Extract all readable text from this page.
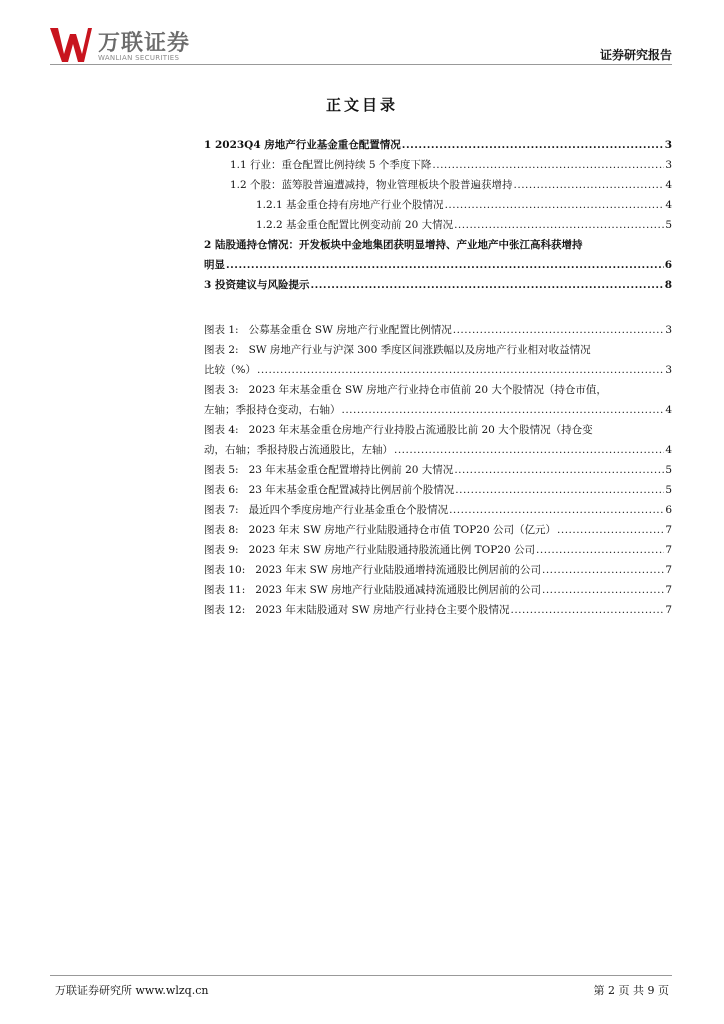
万联证券
WANLIAN SECURITIES	证券研究报告
正文目录
1 2023Q4 房地产行业基金重仓配置情况 .....	3
1.1 行业：重仓配置比例持续 5 个季度下降 .....	3
1.2 个股：蓝筹股普遍遭减持，物业管理板块个股普遍获增持 .....	4
1.2.1 基金重仓持有房地产行业个股情况 .....	4
1.2.2 基金重仓配置比例变动前 20 大情况 .....	5
2 陆股通持仓情况：开发板块中金地集团获明显增持、产业地产中张江高科获增持
明显 .....	6
3 投资建议与风险提示 .....	8
图表 1: 公募基金重仓 SW 房地产行业配置比例情况 .....	3
图表 2: SW 房地产行业与沪深 300 季度区间涨跌幅以及房地产行业相对收益情况
比较（%） .....	3
图表 3: 2023 年末基金重仓 SW 房地产行业持仓市值前 20 大个股情况（持仓市值，
左轴；季报持仓变动，右轴） .....	4
图表 4: 2023 年末基金重仓房地产行业持股占流通股比前 20 大个股情况（持仓变
动，右轴；季报持股占流通股比，左轴） .....	4
图表 5: 23 年末基金重仓配置增持比例前 20 大情况 .....	5
图表 6: 23 年末基金重仓配置减持比例居前个股情况 .....	5
图表 7: 最近四个季度房地产行业基金重仓个股情况 .....	6
图表 8: 2023 年末 SW 房地产行业陆股通持仓市值 TOP20 公司（亿元） .....	7
图表 9: 2023 年末 SW 房地产行业陆股通持股流通比例 TOP20 公司 .....	7
图表 10: 2023 年末 SW 房地产行业陆股通增持流通股比例居前的公司 .....	7
图表 11: 2023 年末 SW 房地产行业陆股通减持流通股比例居前的公司 .....	7
图表 12: 2023 年末陆股通对 SW 房地产行业持仓主要个股情况 .....	7
万联证券研究所 www.wlzq.cn	第 2 页 共 9 页
